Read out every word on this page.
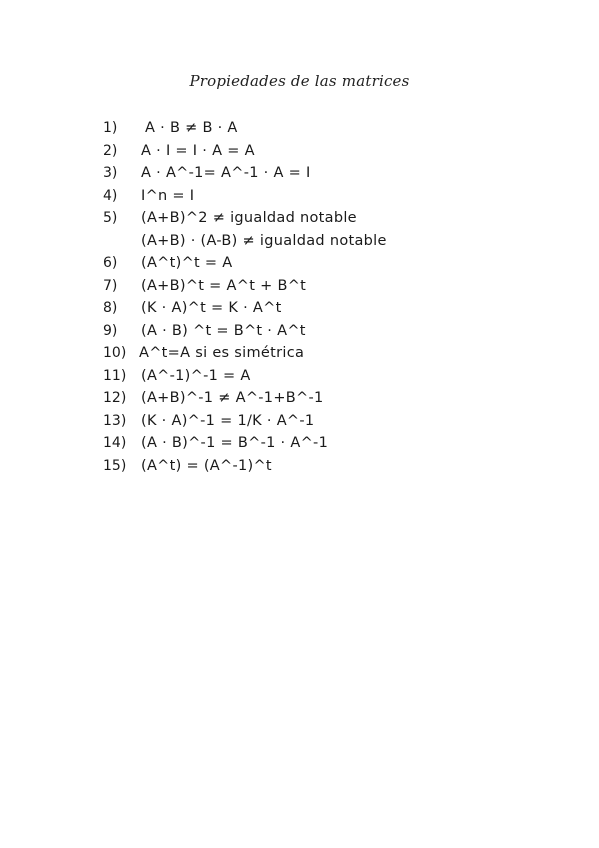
Propiedades de las matrices
1)	A · B ≠ B · A
2)	A · I = I · A = A
3)	A · A^-1= A^-1 · A = I
4)	I^n = I
5)	(A+B)^2 ≠ igualdad notable
(A+B) · (A-B) ≠ igualdad notable
6)	(A^t)^t = A
7)	(A+B)^t = A^t + B^t
8)	(K · A)^t = K · A^t
9)	(A · B) ^t = B^t · A^t
10) A^t=A si es simétrica
11)	(A^-1)^-1 = A
12)	(A+B)^-1 ≠ A^-1+B^-1
13)	(K · A)^-1 = 1/K · A^-1
14)	(A · B)^-1 = B^-1 · A^-1
15)	(A^t) = (A^-1)^t
